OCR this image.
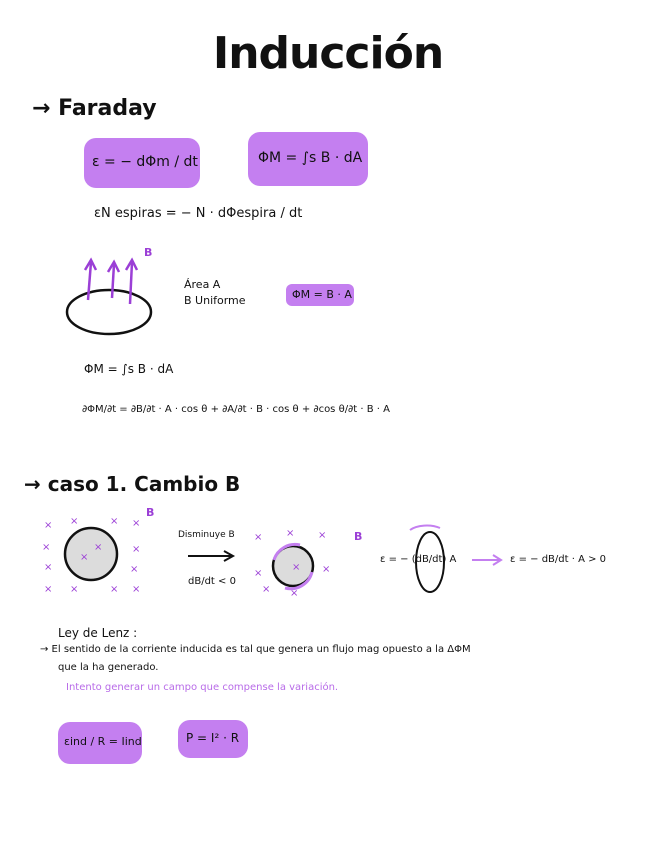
Inducción
→ Faraday
ε = − dΦm / dt	ΦM = ∫s B · dA
εN espiras = − N · dΦespira / dt
× ×	× ×
×	×
×
×
×
×
× ×	× ×
× × ×
×
× ×
× ×
B
Área A
B Uniforme	ΦM = B · A
ΦM = ∫s B · dA
∂ΦM/∂t = ∂B/∂t · A · cos θ + ∂A/∂t · B · cos θ + ∂cos θ/∂t · B · A
→ caso 1. Cambio B
B
Disminuye B
dB/dt < 0
B
ε = − (dB/dt) A	ε = − dB/dt · A > 0
Ley de Lenz :
→ El sentido de la corriente inducida es tal que genera un flujo mag opuesto a la ΔΦM
que la ha generado.
Intento generar un campo que compense la variación.
εind / R = Iind	P = I² · R
